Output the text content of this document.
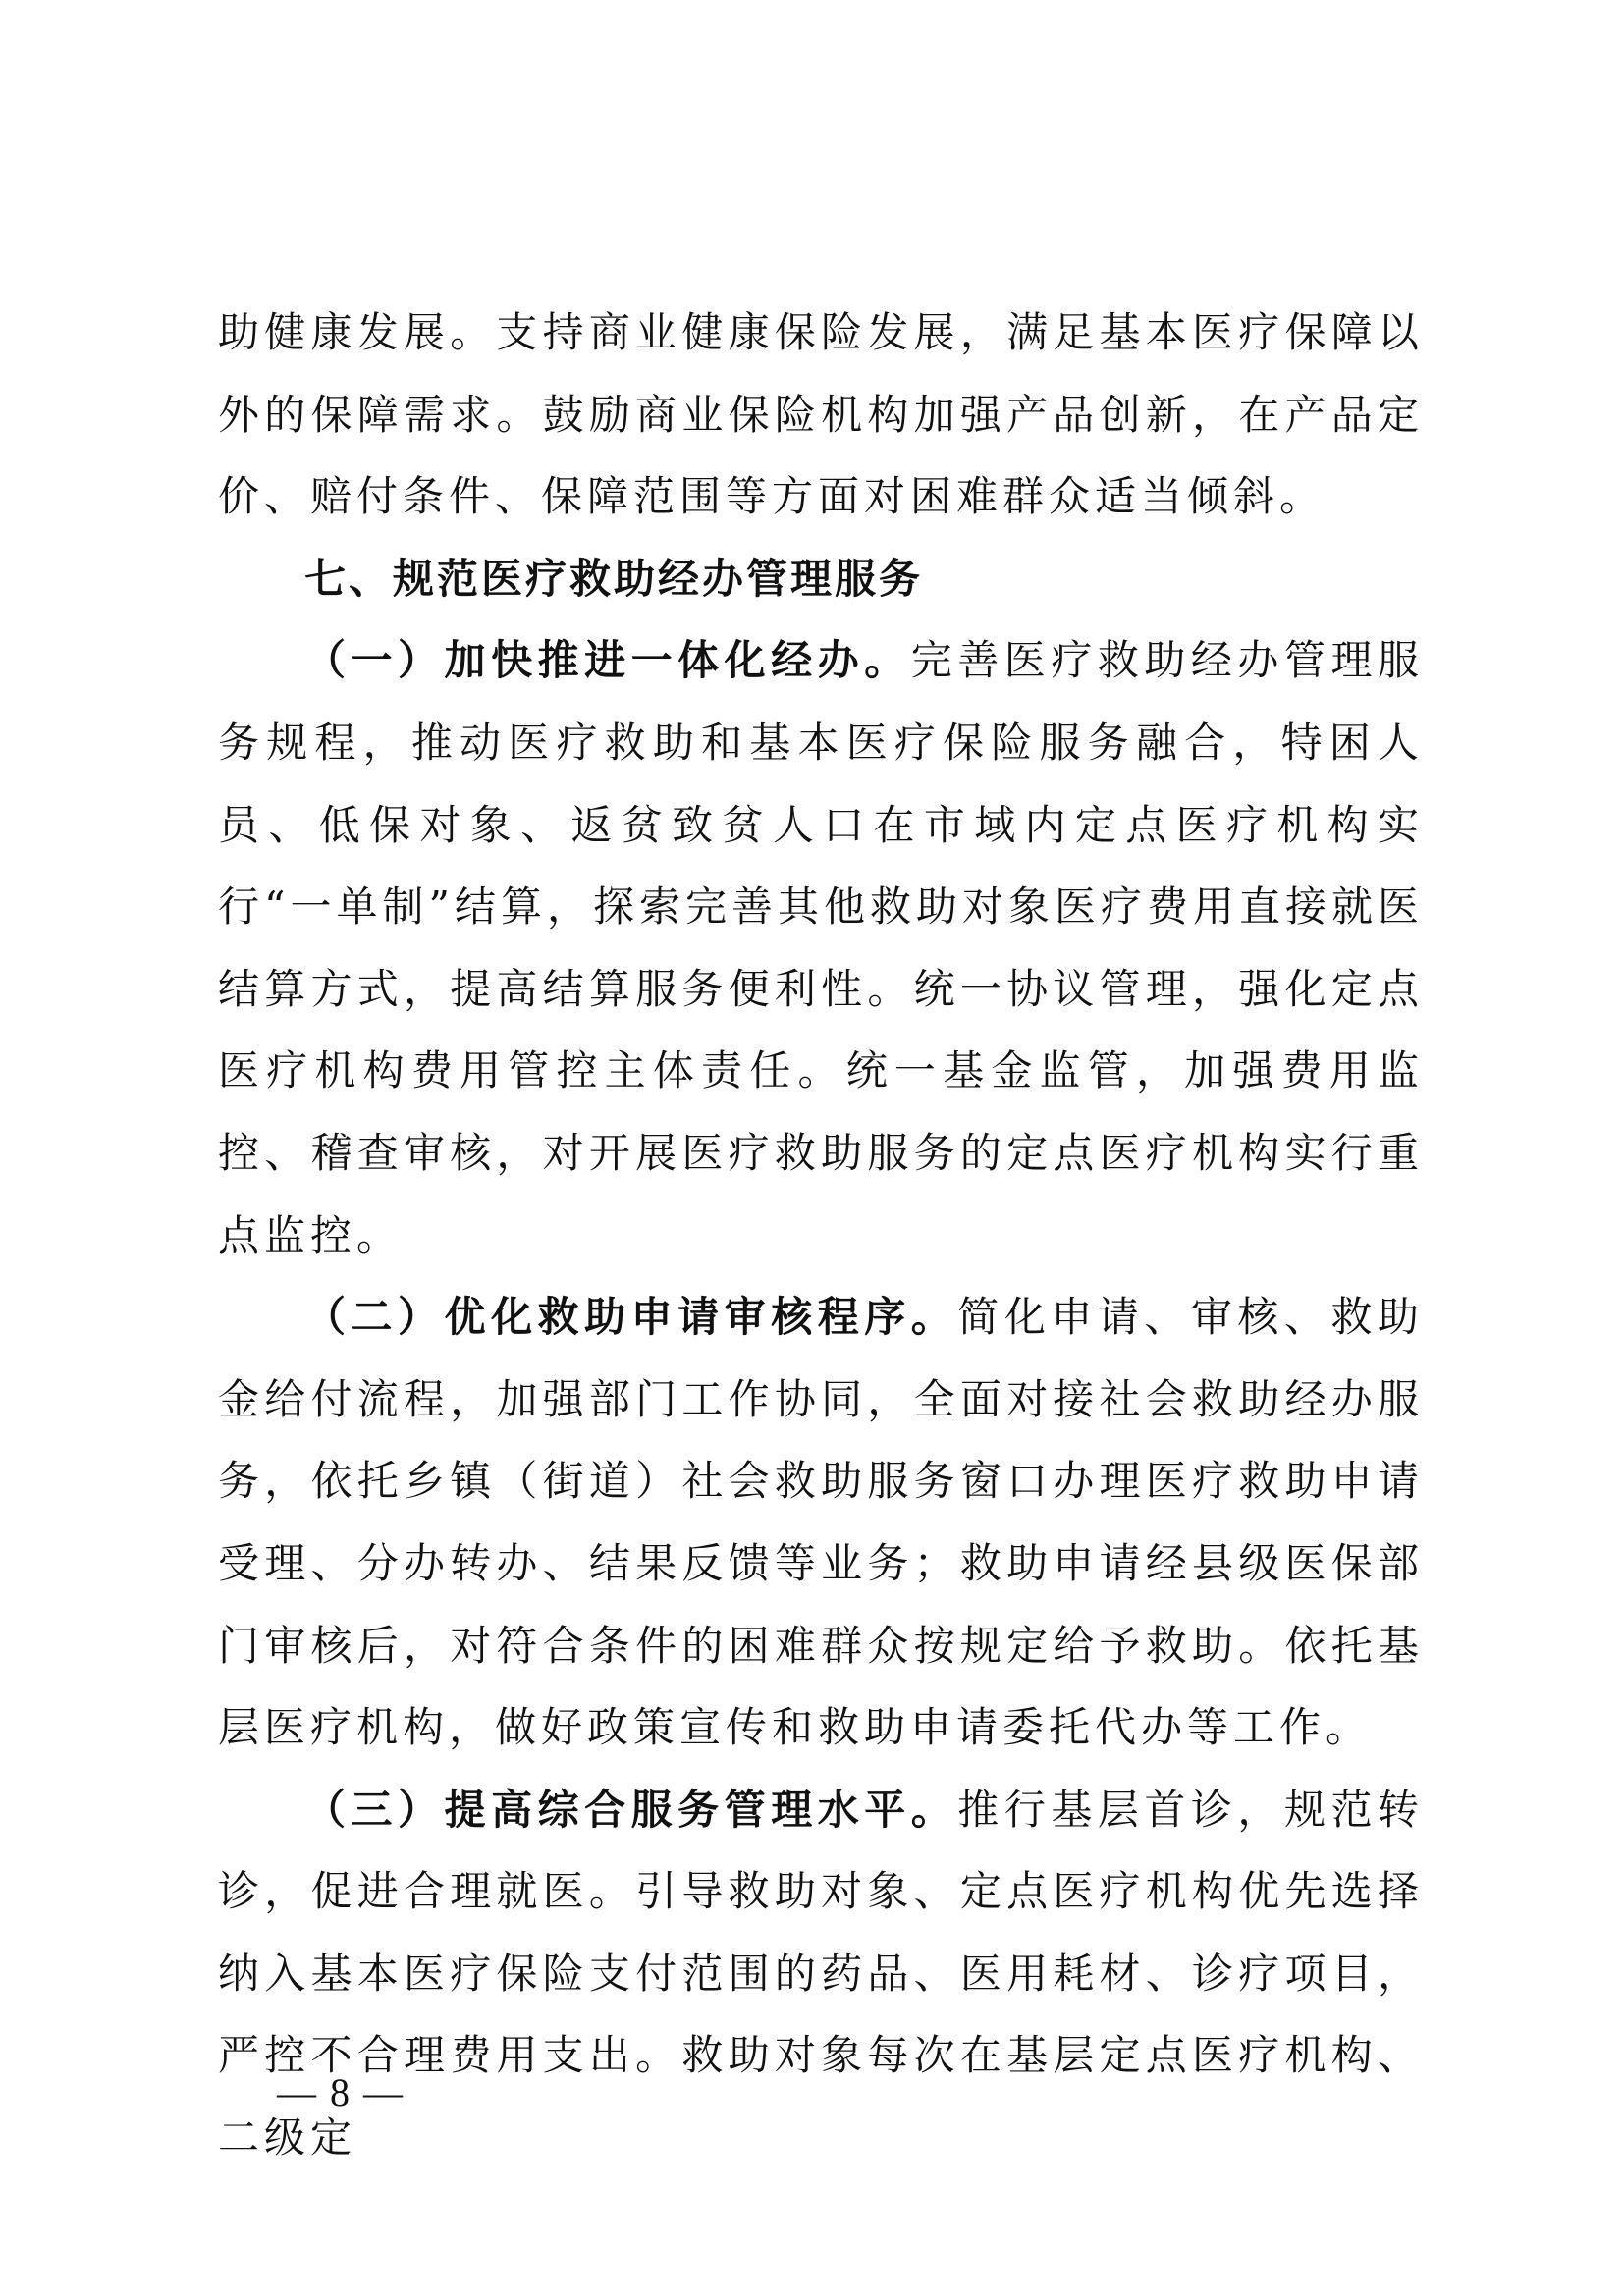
助健康发展。支持商业健康保险发展，满足基本医疗保障以外的保障需求。鼓励商业保险机构加强产品创新，在产品定价、赔付条件、保障范围等方面对困难群众适当倾斜。

七、规范医疗救助经办管理服务

（一）加快推进一体化经办。完善医疗救助经办管理服务规程，推动医疗救助和基本医疗保险服务融合，特困人员、低保对象、返贫致贫人口在市域内定点医疗机构实行“一单制”结算，探索完善其他救助对象医疗费用直接就医结算方式，提高结算服务便利性。统一协议管理，强化定点医疗机构费用管控主体责任。统一基金监管，加强费用监控、稽查审核，对开展医疗救助服务的定点医疗机构实行重点监控。

（二）优化救助申请审核程序。简化申请、审核、救助金给付流程，加强部门工作协同，全面对接社会救助经办服务，依托乡镇（街道）社会救助服务窗口办理医疗救助申请受理、分办转办、结果反馈等业务；救助申请经县级医保部门审核后，对符合条件的困难群众按规定给予救助。依托基层医疗机构，做好政策宣传和救助申请委托代办等工作。

（三）提高综合服务管理水平。推行基层首诊，规范转诊，促进合理就医。引导救助对象、定点医疗机构优先选择纳入基本医疗保险支付范围的药品、医用耗材、诊疗项目，严控不合理费用支出。救助对象每次在基层定点医疗机构、二级定

— 8 —
